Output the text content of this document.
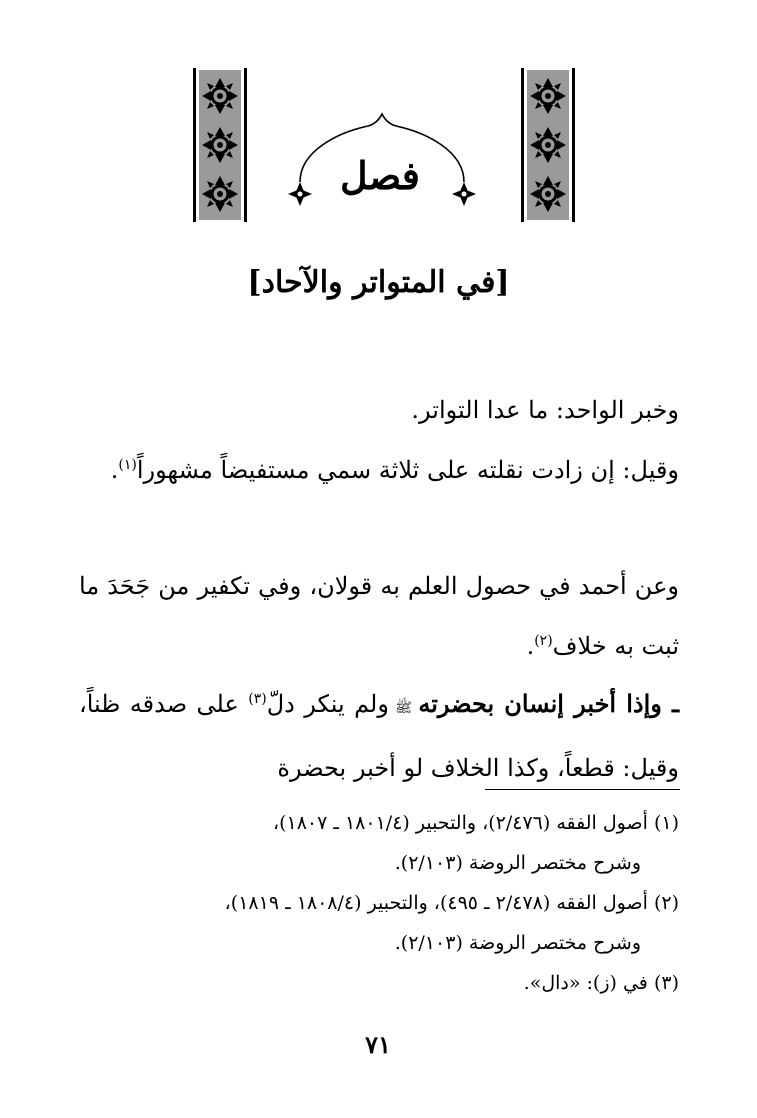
فصل
[في المتواتر والآحاد]

وخبر الواحد: ما عدا التواتر.

وقيل: إن زادت نقلته على ثلاثة سمي مستفيضاً مشهوراً$^{(١)}$.

وعن أحمد في حصول العلم به قولان، وفي تكفير من جَحَدَ ما ثبت به خلاف$^{(٢)}$.

ـ وإذا أخبر إنسان بحضرته ﷺ ولم ينكر دلّ$^{(٣)}$ على صدقه ظناً، وقيل: قطعاً، وكذا الخلاف لو أخبر بحضرة

(١) أصول الفقه (٢/٤٧٦)، والتحبير (١٨٠١/٤ ـ ١٨٠٧)،

وشرح مختصر الروضة (٢/١٠٣).

(٢) أصول الفقه (٢/٤٧٨ ـ ٤٩٥)، والتحبير (١٨٠٨/٤ ـ ١٨١٩)،

وشرح مختصر الروضة (٢/١٠٣).

(٣) في (ز): «دال».

٧١
